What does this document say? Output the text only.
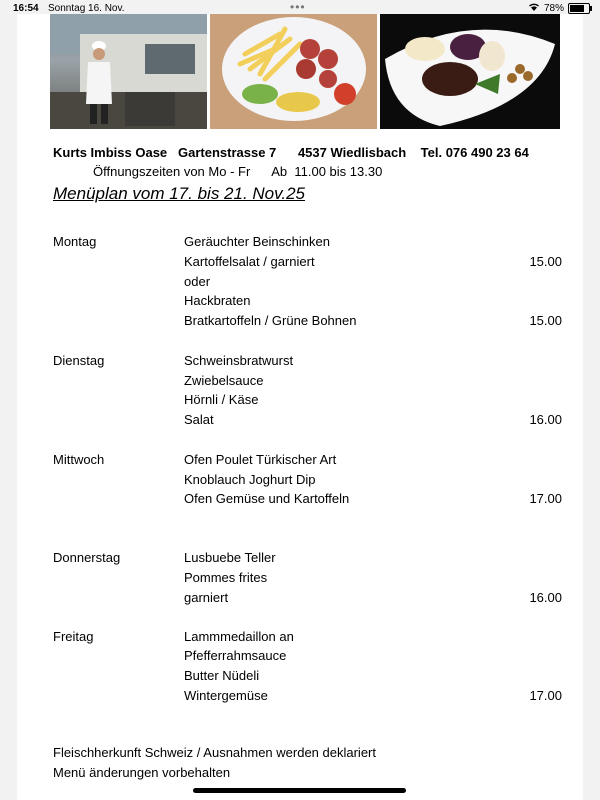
16:54 Sonntag 16. Nov.	•••	78%
Kurts Imbiss Oase   Gartenstrasse 7      4537 Wiedlisbach    Tel. 076 490 23 64
Öffnungszeiten von Mo - Fr      Ab  11.00 bis 13.30
Menüplan vom 17. bis 21. Nov.25
Montag	Geräuchter Beinschinken
Kartoffelsalat / garniert	15.00
oder
Hackbraten
Bratkartoffeln / Grüne Bohnen	15.00
Dienstag	Schweinsbratwurst
Zwiebelsauce
Hörnli / Käse
Salat	16.00
Mittwoch	Ofen Poulet Türkischer Art
Knoblauch Joghurt Dip
Ofen Gemüse und Kartoffeln	17.00
Donnerstag	Lusbuebe Teller
Pommes frites
garniert	16.00
Freitag	Lammmedaillon an
Pfefferrahmsauce
Butter Nüdeli
Wintergemüse	17.00
Fleischherkunft Schweiz / Ausnahmen werden deklariert
Menü änderungen vorbehalten
